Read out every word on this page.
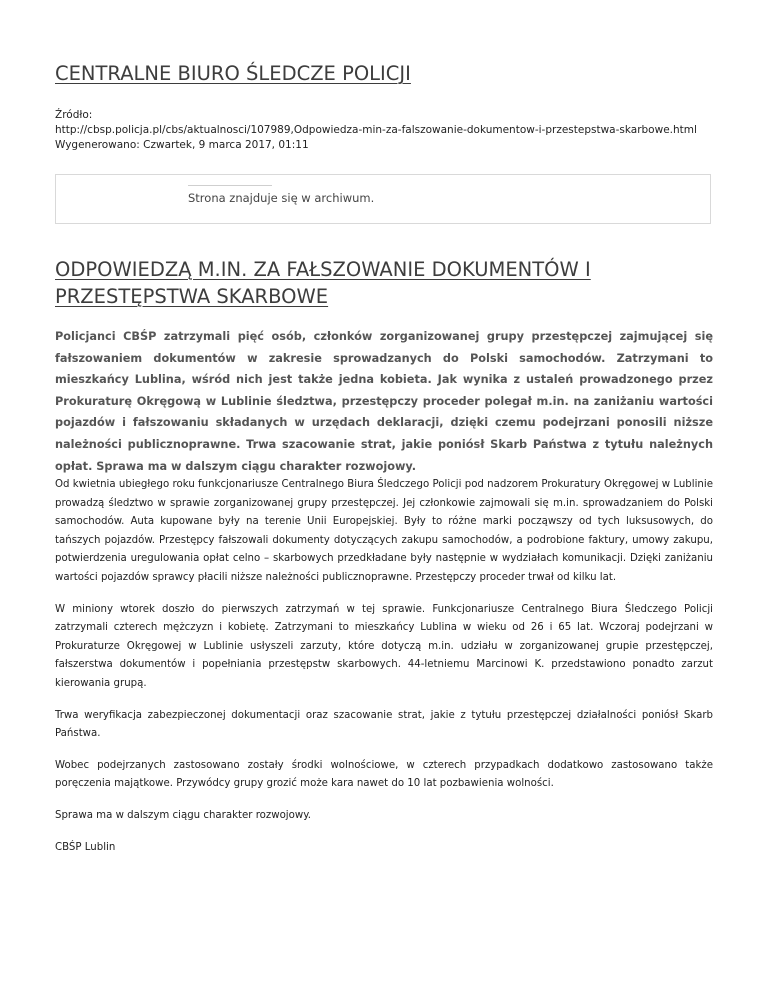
CENTRALNE BIURO ŚLEDCZE POLICJI
Źródło:
http://cbsp.policja.pl/cbs/aktualnosci/107989,Odpowiedza-min-za-falszowanie-dokumentow-i-przestepstwa-skarbowe.html
Wygenerowano: Czwartek, 9 marca 2017, 01:11
Strona znajduje się w archiwum.
ODPOWIEDZĄ M.IN. ZA FAŁSZOWANIE DOKUMENTÓW I PRZESTĘPSTWA SKARBOWE

Policjanci CBŚP zatrzymali pięć osób, członków zorganizowanej grupy przestępczej zajmującej się fałszowaniem dokumentów w zakresie sprowadzanych do Polski samochodów. Zatrzymani to mieszkańcy Lublina, wśród nich jest także jedna kobieta. Jak wynika z ustaleń prowadzonego przez Prokuraturę Okręgową w Lublinie śledztwa, przestępczy proceder polegał m.in. na zaniżaniu wartości pojazdów i fałszowaniu składanych w urzędach deklaracji, dzięki czemu podejrzani ponosili niższe należności publicznoprawne. Trwa szacowanie strat, jakie poniósł Skarb Państwa z tytułu należnych opłat. Sprawa ma w dalszym ciągu charakter rozwojowy.

Od kwietnia ubiegłego roku funkcjonariusze Centralnego Biura Śledczego Policji pod nadzorem Prokuratury Okręgowej w Lublinie prowadzą śledztwo w sprawie zorganizowanej grupy przestępczej. Jej członkowie zajmowali się m.in. sprowadzaniem do Polski samochodów. Auta kupowane były na terenie Unii Europejskiej. Były to różne marki począwszy od tych luksusowych, do tańszych pojazdów. Przestępcy fałszowali dokumenty dotyczących zakupu samochodów, a podrobione faktury, umowy zakupu, potwierdzenia uregulowania opłat celno – skarbowych przedkładane były następnie w wydziałach komunikacji. Dzięki zaniżaniu wartości pojazdów sprawcy płacili niższe należności publicznoprawne. Przestępczy proceder trwał od kilku lat.

W miniony wtorek doszło do pierwszych zatrzymań w tej sprawie. Funkcjonariusze Centralnego Biura Śledczego Policji zatrzymali czterech mężczyzn i kobietę. Zatrzymani to mieszkańcy Lublina w wieku od 26 i 65 lat. Wczoraj podejrzani w Prokuraturze Okręgowej w Lublinie usłyszeli zarzuty, które dotyczą m.in. udziału w zorganizowanej grupie przestępczej, fałszerstwa dokumentów i popełniania przestępstw skarbowych. 44-letniemu Marcinowi K. przedstawiono ponadto zarzut kierowania grupą.

Trwa weryfikacja zabezpieczonej dokumentacji oraz szacowanie strat, jakie z tytułu przestępczej działalności poniósł Skarb Państwa.

Wobec podejrzanych zastosowano zostały środki wolnościowe, w czterech przypadkach dodatkowo zastosowano także poręczenia majątkowe. Przywódcy grupy grozić może kara nawet do 10 lat pozbawienia wolności.

Sprawa ma w dalszym ciągu charakter rozwojowy.

CBŚP Lublin
